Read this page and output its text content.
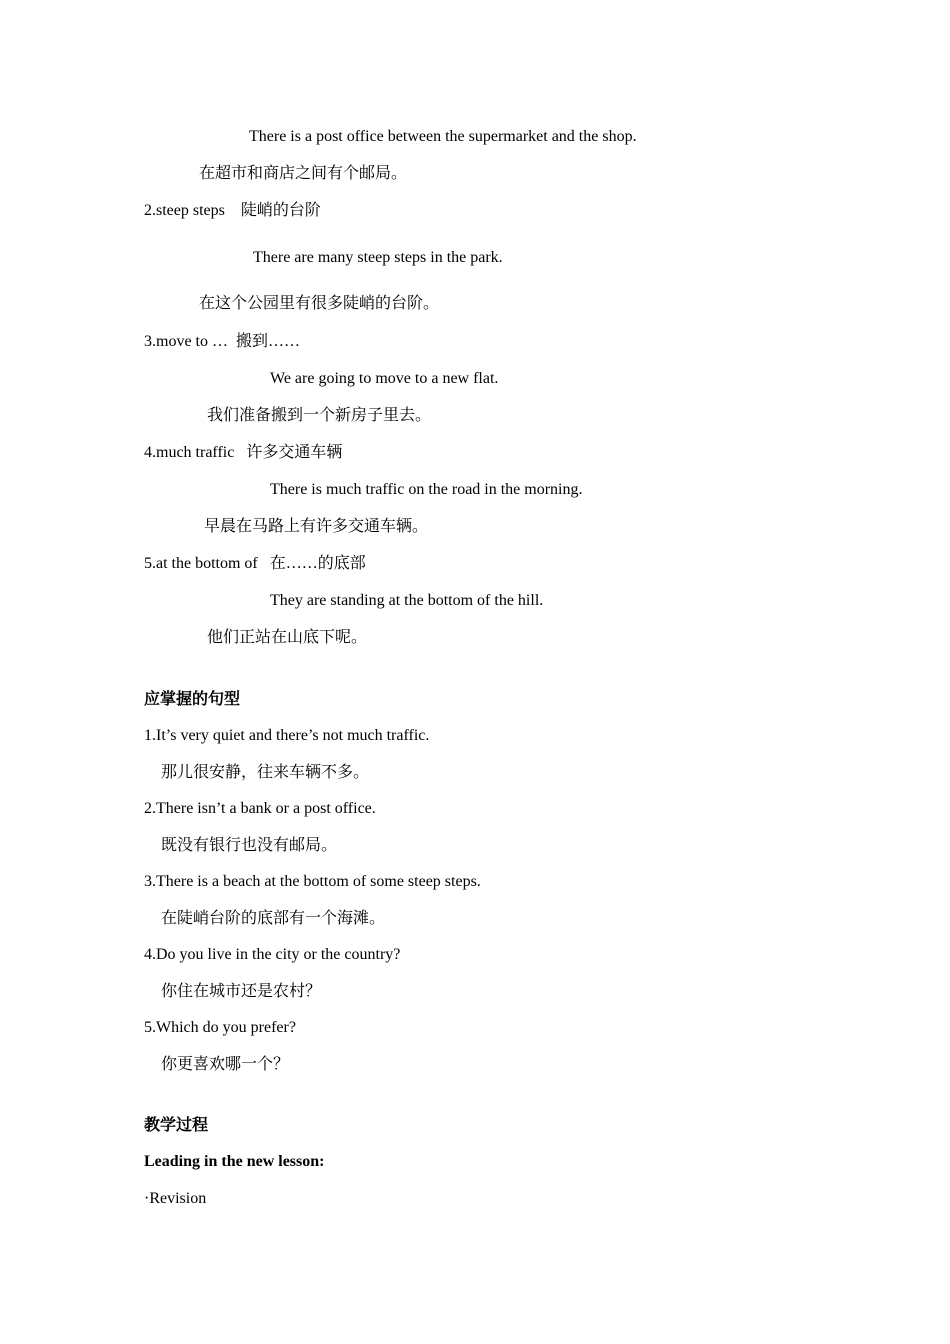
There is a post office between the supermarket and the shop.
在超市和商店之间有个邮局。
2.steep steps　陡峭的台阶
There are many steep steps in the park.
在这个公园里有很多陡峭的台阶。
3.move to …  搬到……
We are going to move to a new flat.
我们准备搬到一个新房子里去。
4.much traffic   许多交通车辆
There is much traffic on the road in the morning.
早晨在马路上有许多交通车辆。
5.at the bottom of   在……的底部
They are standing at the bottom of the hill.
他们正站在山底下呢。
应掌握的句型
1.It’s very quiet and there’s not much traffic.
那儿很安静，往来车辆不多。
2.There isn’t a bank or a post office.
既没有银行也没有邮局。
3.There is a beach at the bottom of some steep steps.
在陡峭台阶的底部有一个海滩。
4.Do you live in the city or the country?
你住在城市还是农村？
5.Which do you prefer?
你更喜欢哪一个？
教学过程
Leading in the new lesson:
·Revision
